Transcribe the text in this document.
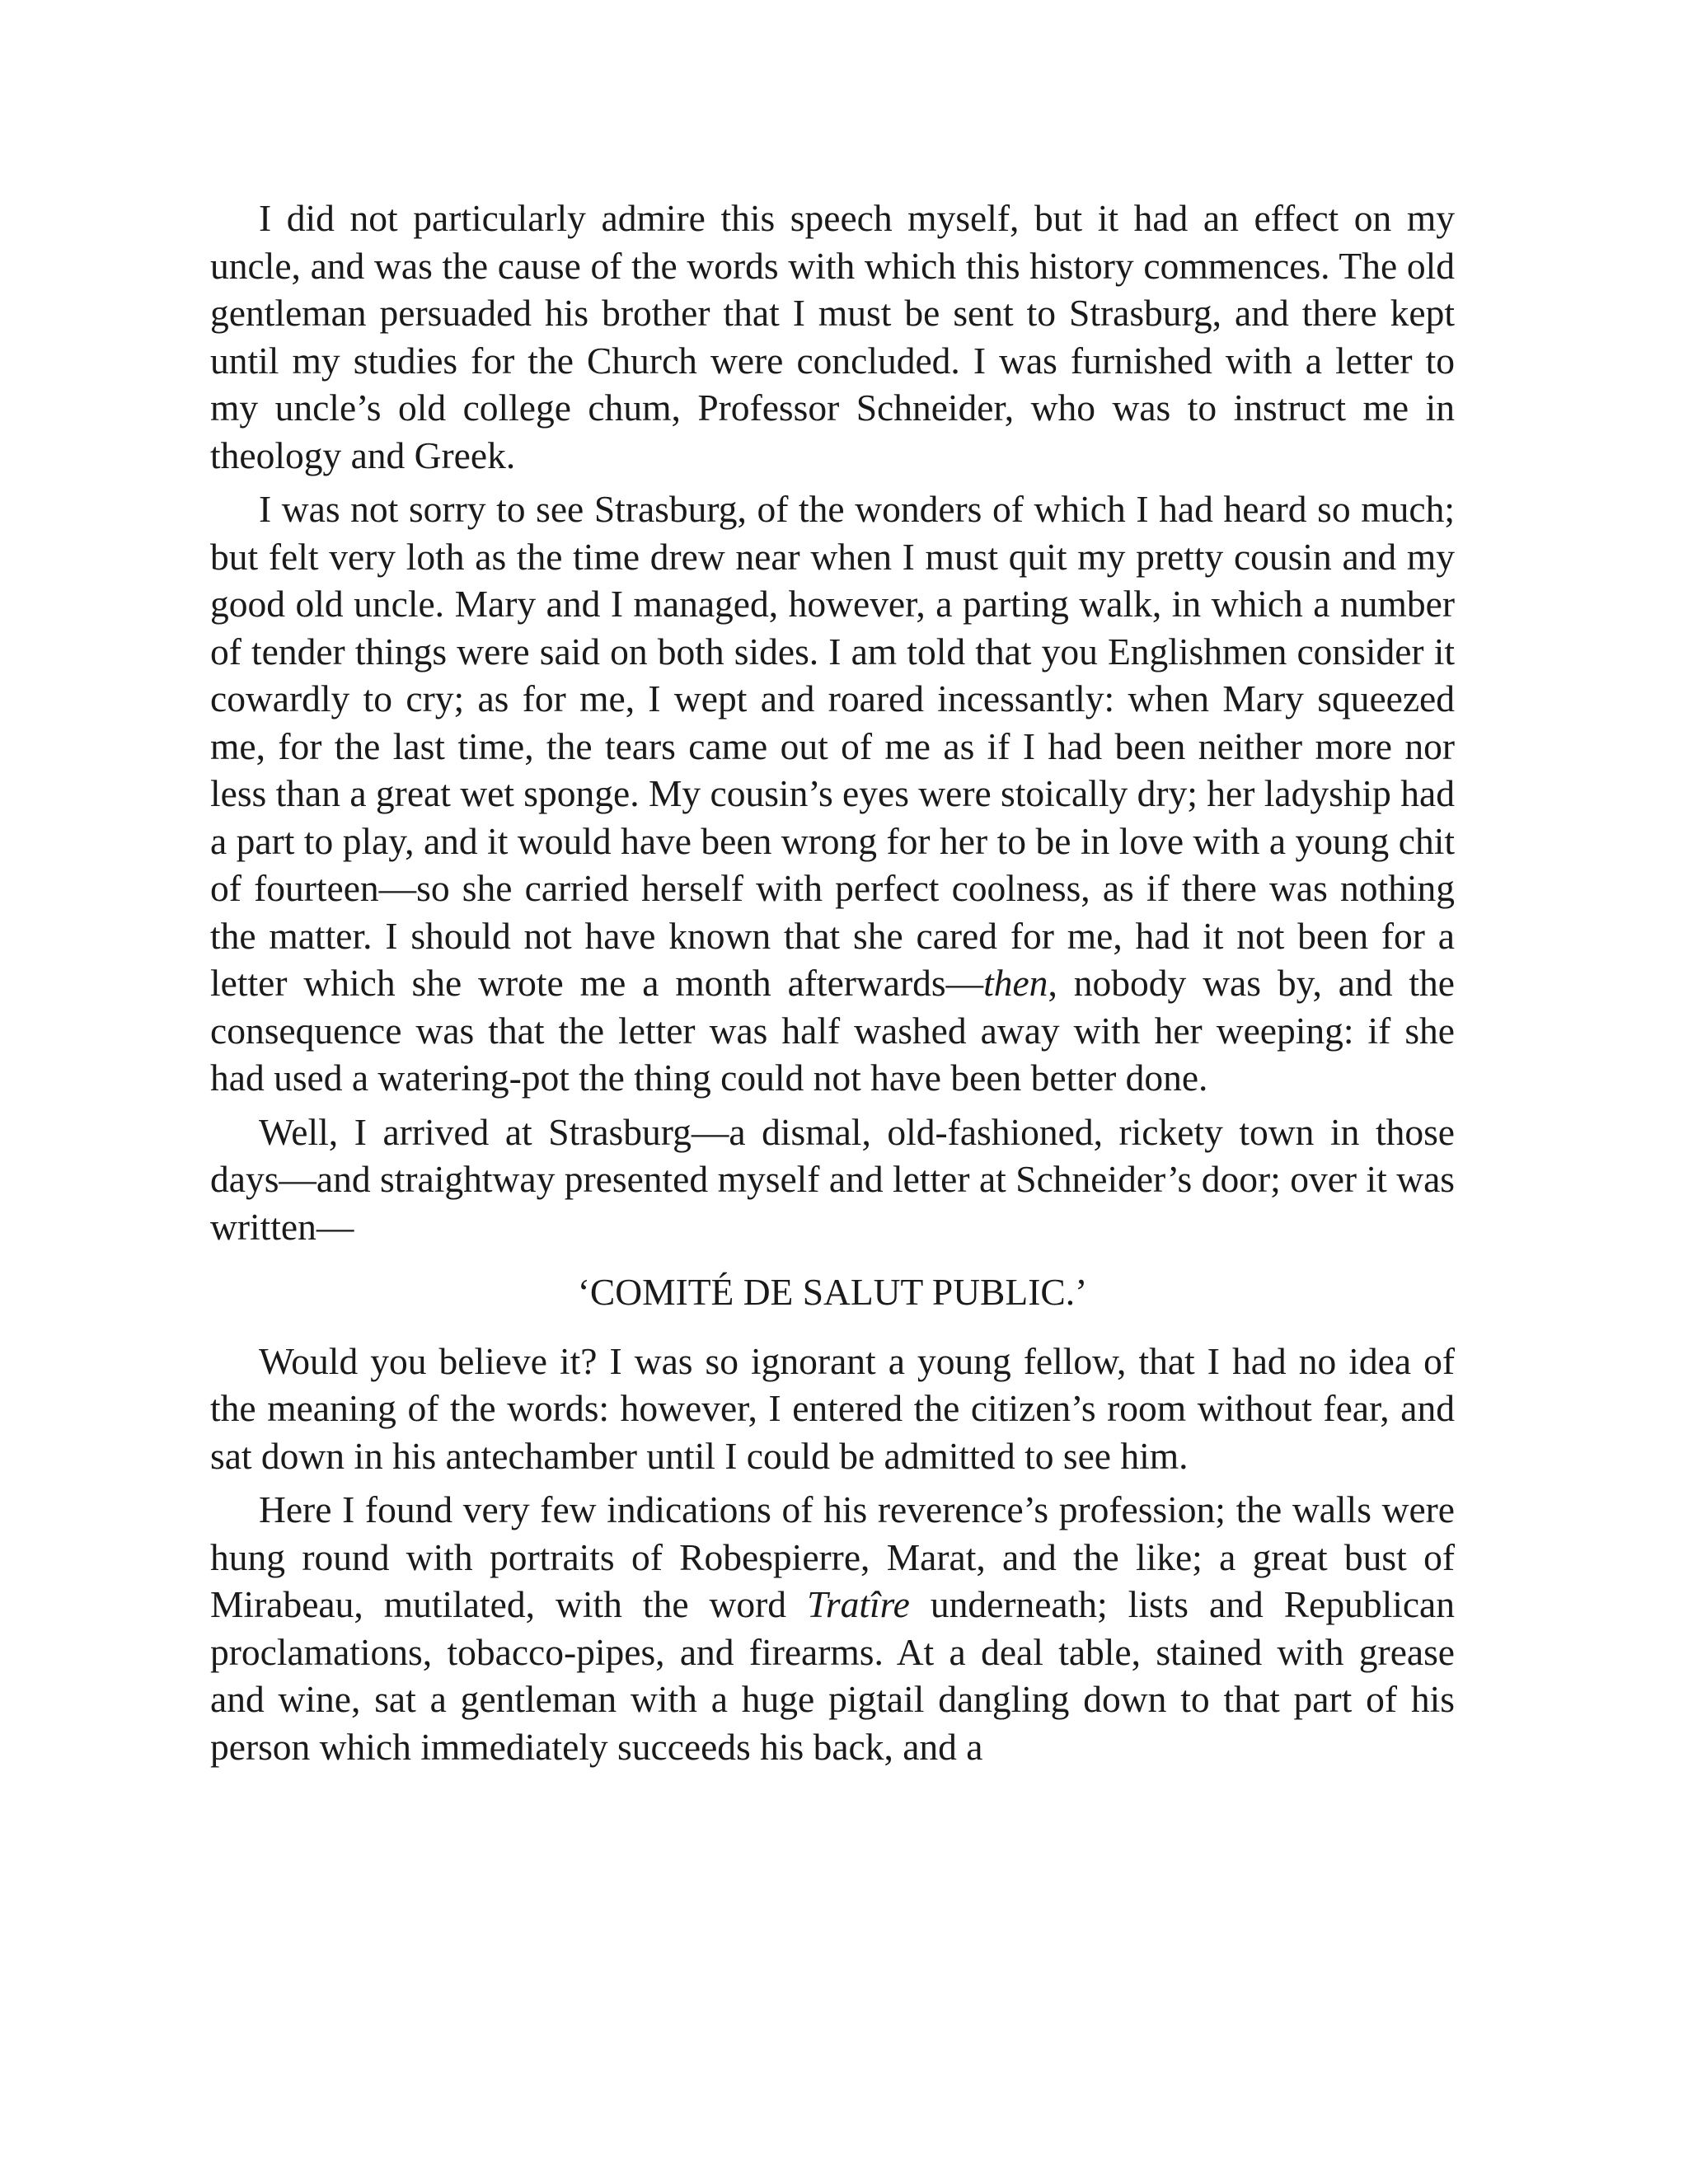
I did not particularly admire this speech myself, but it had an effect on my uncle, and was the cause of the words with which this history commences. The old gentleman persuaded his brother that I must be sent to Strasburg, and there kept until my studies for the Church were concluded. I was furnished with a letter to my uncle’s old college chum, Professor Schneider, who was to instruct me in theology and Greek.

I was not sorry to see Strasburg, of the wonders of which I had heard so much; but felt very loth as the time drew near when I must quit my pretty cousin and my good old uncle. Mary and I managed, however, a parting walk, in which a number of tender things were said on both sides. I am told that you Englishmen consider it cowardly to cry; as for me, I wept and roared incessantly: when Mary squeezed me, for the last time, the tears came out of me as if I had been neither more nor less than a great wet sponge. My cousin’s eyes were stoically dry; her ladyship had a part to play, and it would have been wrong for her to be in love with a young chit of fourteen—so she carried herself with perfect coolness, as if there was nothing the matter. I should not have known that she cared for me, had it not been for a letter which she wrote me a month afterwards—then, nobody was by, and the consequence was that the letter was half washed away with her weeping: if she had used a watering-pot the thing could not have been better done.

Well, I arrived at Strasburg—a dismal, old-fashioned, rickety town in those days—and straightway presented myself and letter at Schneider’s door; over it was written—

‘COMITÉ DE SALUT PUBLIC.’

Would you believe it? I was so ignorant a young fellow, that I had no idea of the meaning of the words: however, I entered the citizen’s room without fear, and sat down in his antechamber until I could be admitted to see him.

Here I found very few indications of his reverence’s profession; the walls were hung round with portraits of Robespierre, Marat, and the like; a great bust of Mirabeau, mutilated, with the word Tratîre underneath; lists and Republican proclamations, tobacco-pipes, and firearms. At a deal table, stained with grease and wine, sat a gentleman with a huge pigtail dangling down to that part of his person which immediately succeeds his back, and a
